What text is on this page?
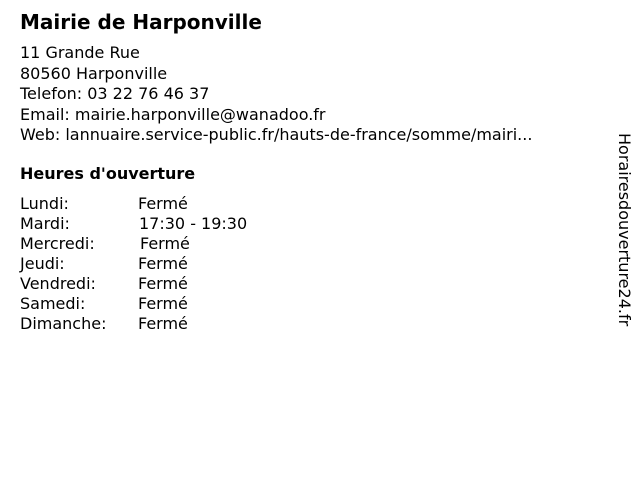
Mairie de Harponville
11 Grande Rue
80560 Harponville
Telefon: 03 22 76 46 37
Email: mairie.harponville@wanadoo.fr
Web: lannuaire.service-public.fr/hauts-de-france/somme/mairi...
Heures d'ouverture
Lundi:	Fermé
Mardi:	17:30 - 19:30
Mercredi:	Fermé
Jeudi:	Fermé
Vendredi:	Fermé
Samedi:	Fermé
Dimanche: Fermé	Horairesdouverture24.fr
